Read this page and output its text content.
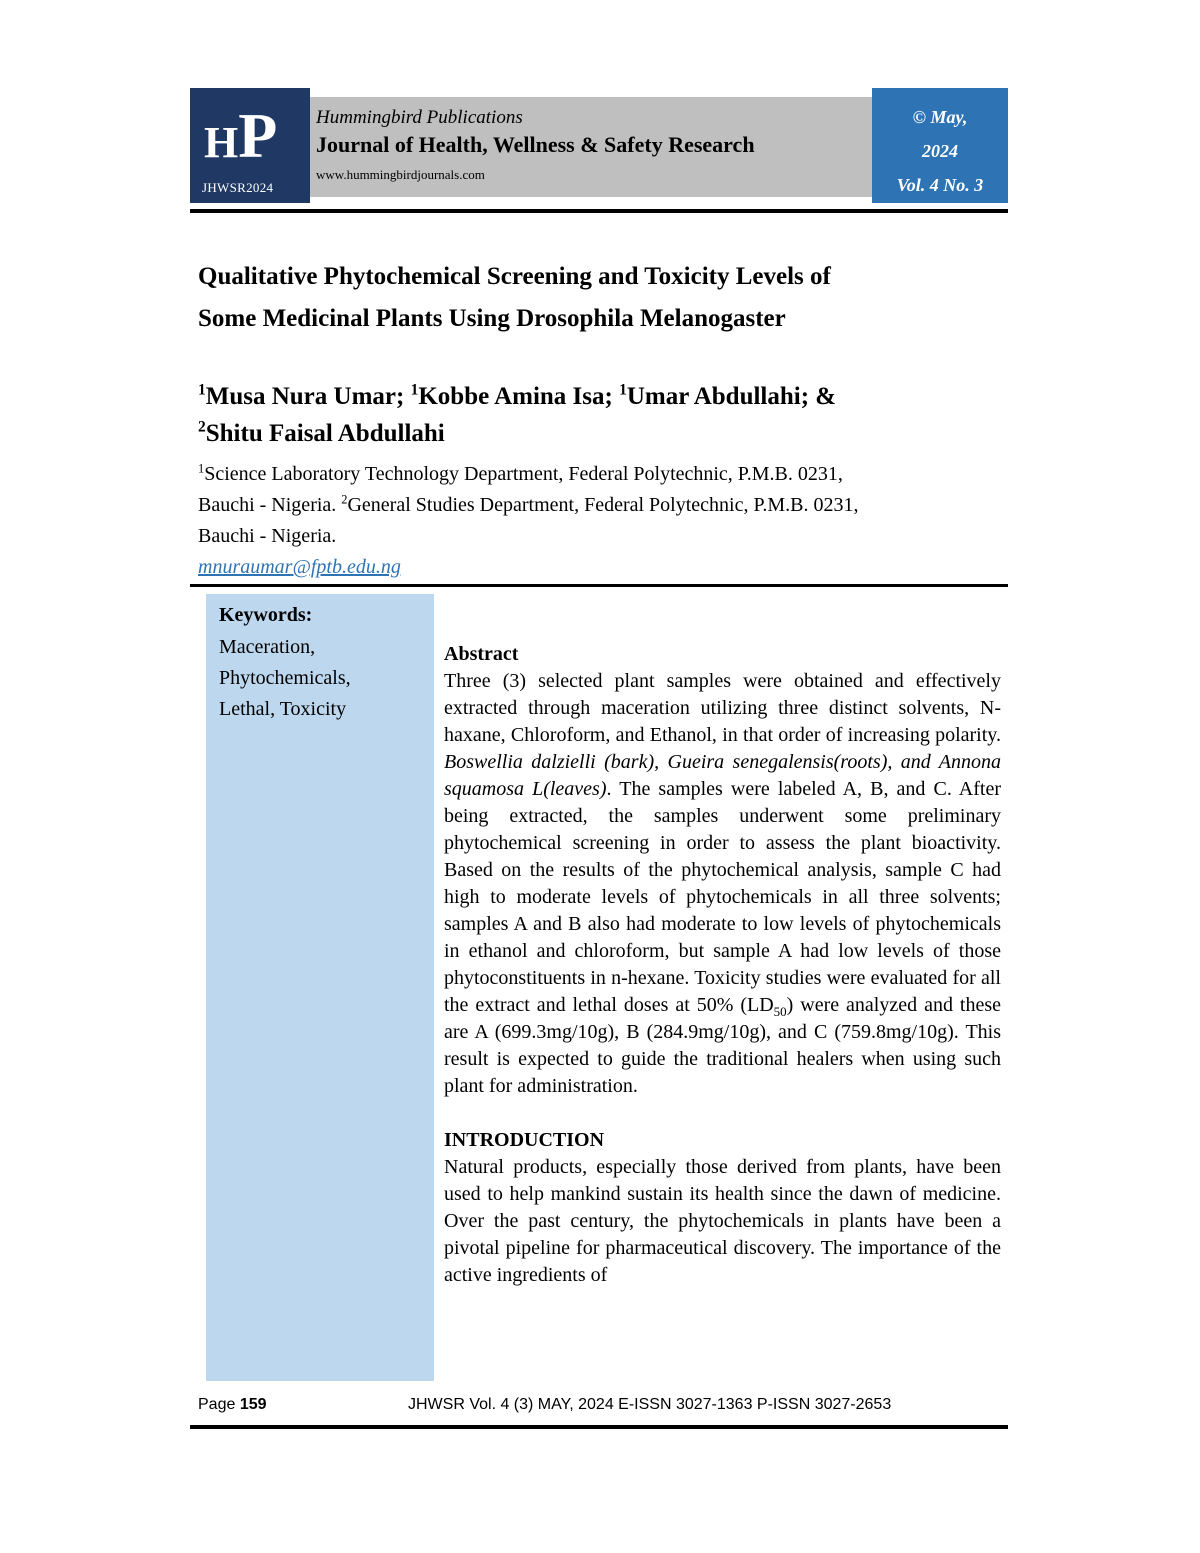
HP
JHWSR2024
Hummingbird Publications
Journal of Health, Wellness & Safety Research
www.hummingbirdjournals.com
© May,
2024
Vol. 4 No. 3
Qualitative Phytochemical Screening and Toxicity Levels of
Some Medicinal Plants Using Drosophila Melanogaster
$^1$Musa Nura Umar; $^1$Kobbe Amina Isa; $^1$Umar Abdullahi; &
$^2$Shitu Faisal Abdullahi
$^1$Science Laboratory Technology Department, Federal Polytechnic, P.M.B. 0231,
Bauchi - Nigeria. $^2$General Studies Department, Federal Polytechnic, P.M.B. 0231,
Bauchi - Nigeria.
mnuraumar@fptb.edu.ng
Keywords:
Maceration,
Phytochemicals,
Lethal, Toxicity
Abstract
Three (3) selected plant samples were obtained and effectively extracted through maceration utilizing three distinct solvents, N-haxane, Chloroform, and Ethanol, in that order of increasing polarity. Boswellia dalzielli (bark), Gueira senegalensis(roots), and Annona squamosa L(leaves). The samples were labeled A, B, and C. After being extracted, the samples underwent some preliminary phytochemical screening in order to assess the plant bioactivity. Based on the results of the phytochemical analysis, sample C had high to moderate levels of phytochemicals in all three solvents; samples A and B also had moderate to low levels of phytochemicals in ethanol and chloroform, but sample A had low levels of those phytoconstituents in n-hexane. Toxicity studies were evaluated for all the extract and lethal doses at 50% $(LD_{50})$ were analyzed and these are A (699.3mg/10g), B (284.9mg/10g), and C (759.8mg/10g). This result is expected to guide the traditional healers when using such plant for administration.
INTRODUCTION
Natural products, especially those derived from plants, have been used to help mankind sustain its health since the dawn of medicine. Over the past century, the phytochemicals in plants have been a pivotal pipeline for pharmaceutical discovery. The importance of the active ingredients of
Page 159	JHWSR Vol. 4 (3) MAY, 2024 E-ISSN 3027-1363 P-ISSN 3027-2653
